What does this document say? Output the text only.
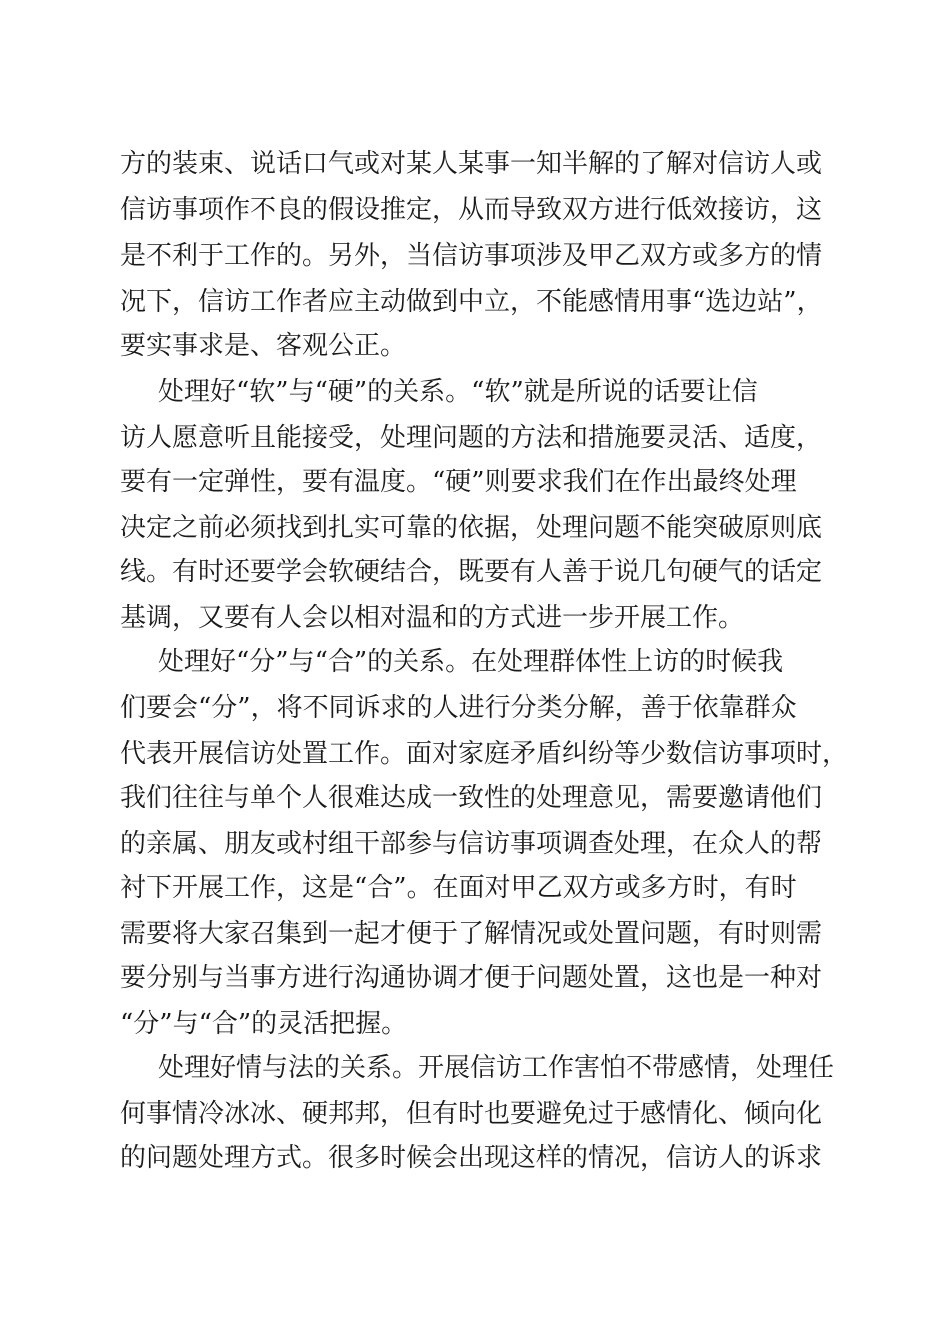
方的装束、说话口气或对某人某事一知半解的了解对信访人或

信访事项作不良的假设推定，从而导致双方进行低效接访，这

是不利于工作的。另外，当信访事项涉及甲乙双方或多方的情

况下，信访工作者应主动做到中立，不能感情用事“选边站”，

要实事求是、客观公正。

处理好“软”与“硬”的关系。“软”就是所说的话要让信

访人愿意听且能接受，处理问题的方法和措施要灵活、适度，

要有一定弹性，要有温度。“硬”则要求我们在作出最终处理

决定之前必须找到扎实可靠的依据，处理问题不能突破原则底

线。有时还要学会软硬结合，既要有人善于说几句硬气的话定

基调，又要有人会以相对温和的方式进一步开展工作。

处理好“分”与“合”的关系。在处理群体性上访的时候我

们要会“分”，将不同诉求的人进行分类分解，善于依靠群众

代表开展信访处置工作。面对家庭矛盾纠纷等少数信访事项时，

我们往往与单个人很难达成一致性的处理意见，需要邀请他们

的亲属、朋友或村组干部参与信访事项调查处理，在众人的帮

衬下开展工作，这是“合”。在面对甲乙双方或多方时，有时

需要将大家召集到一起才便于了解情况或处置问题，有时则需

要分别与当事方进行沟通协调才便于问题处置，这也是一种对

“分”与“合”的灵活把握。

处理好情与法的关系。开展信访工作害怕不带感情，处理任

何事情冷冰冰、硬邦邦，但有时也要避免过于感情化、倾向化

的问题处理方式。很多时候会出现这样的情况，信访人的诉求
